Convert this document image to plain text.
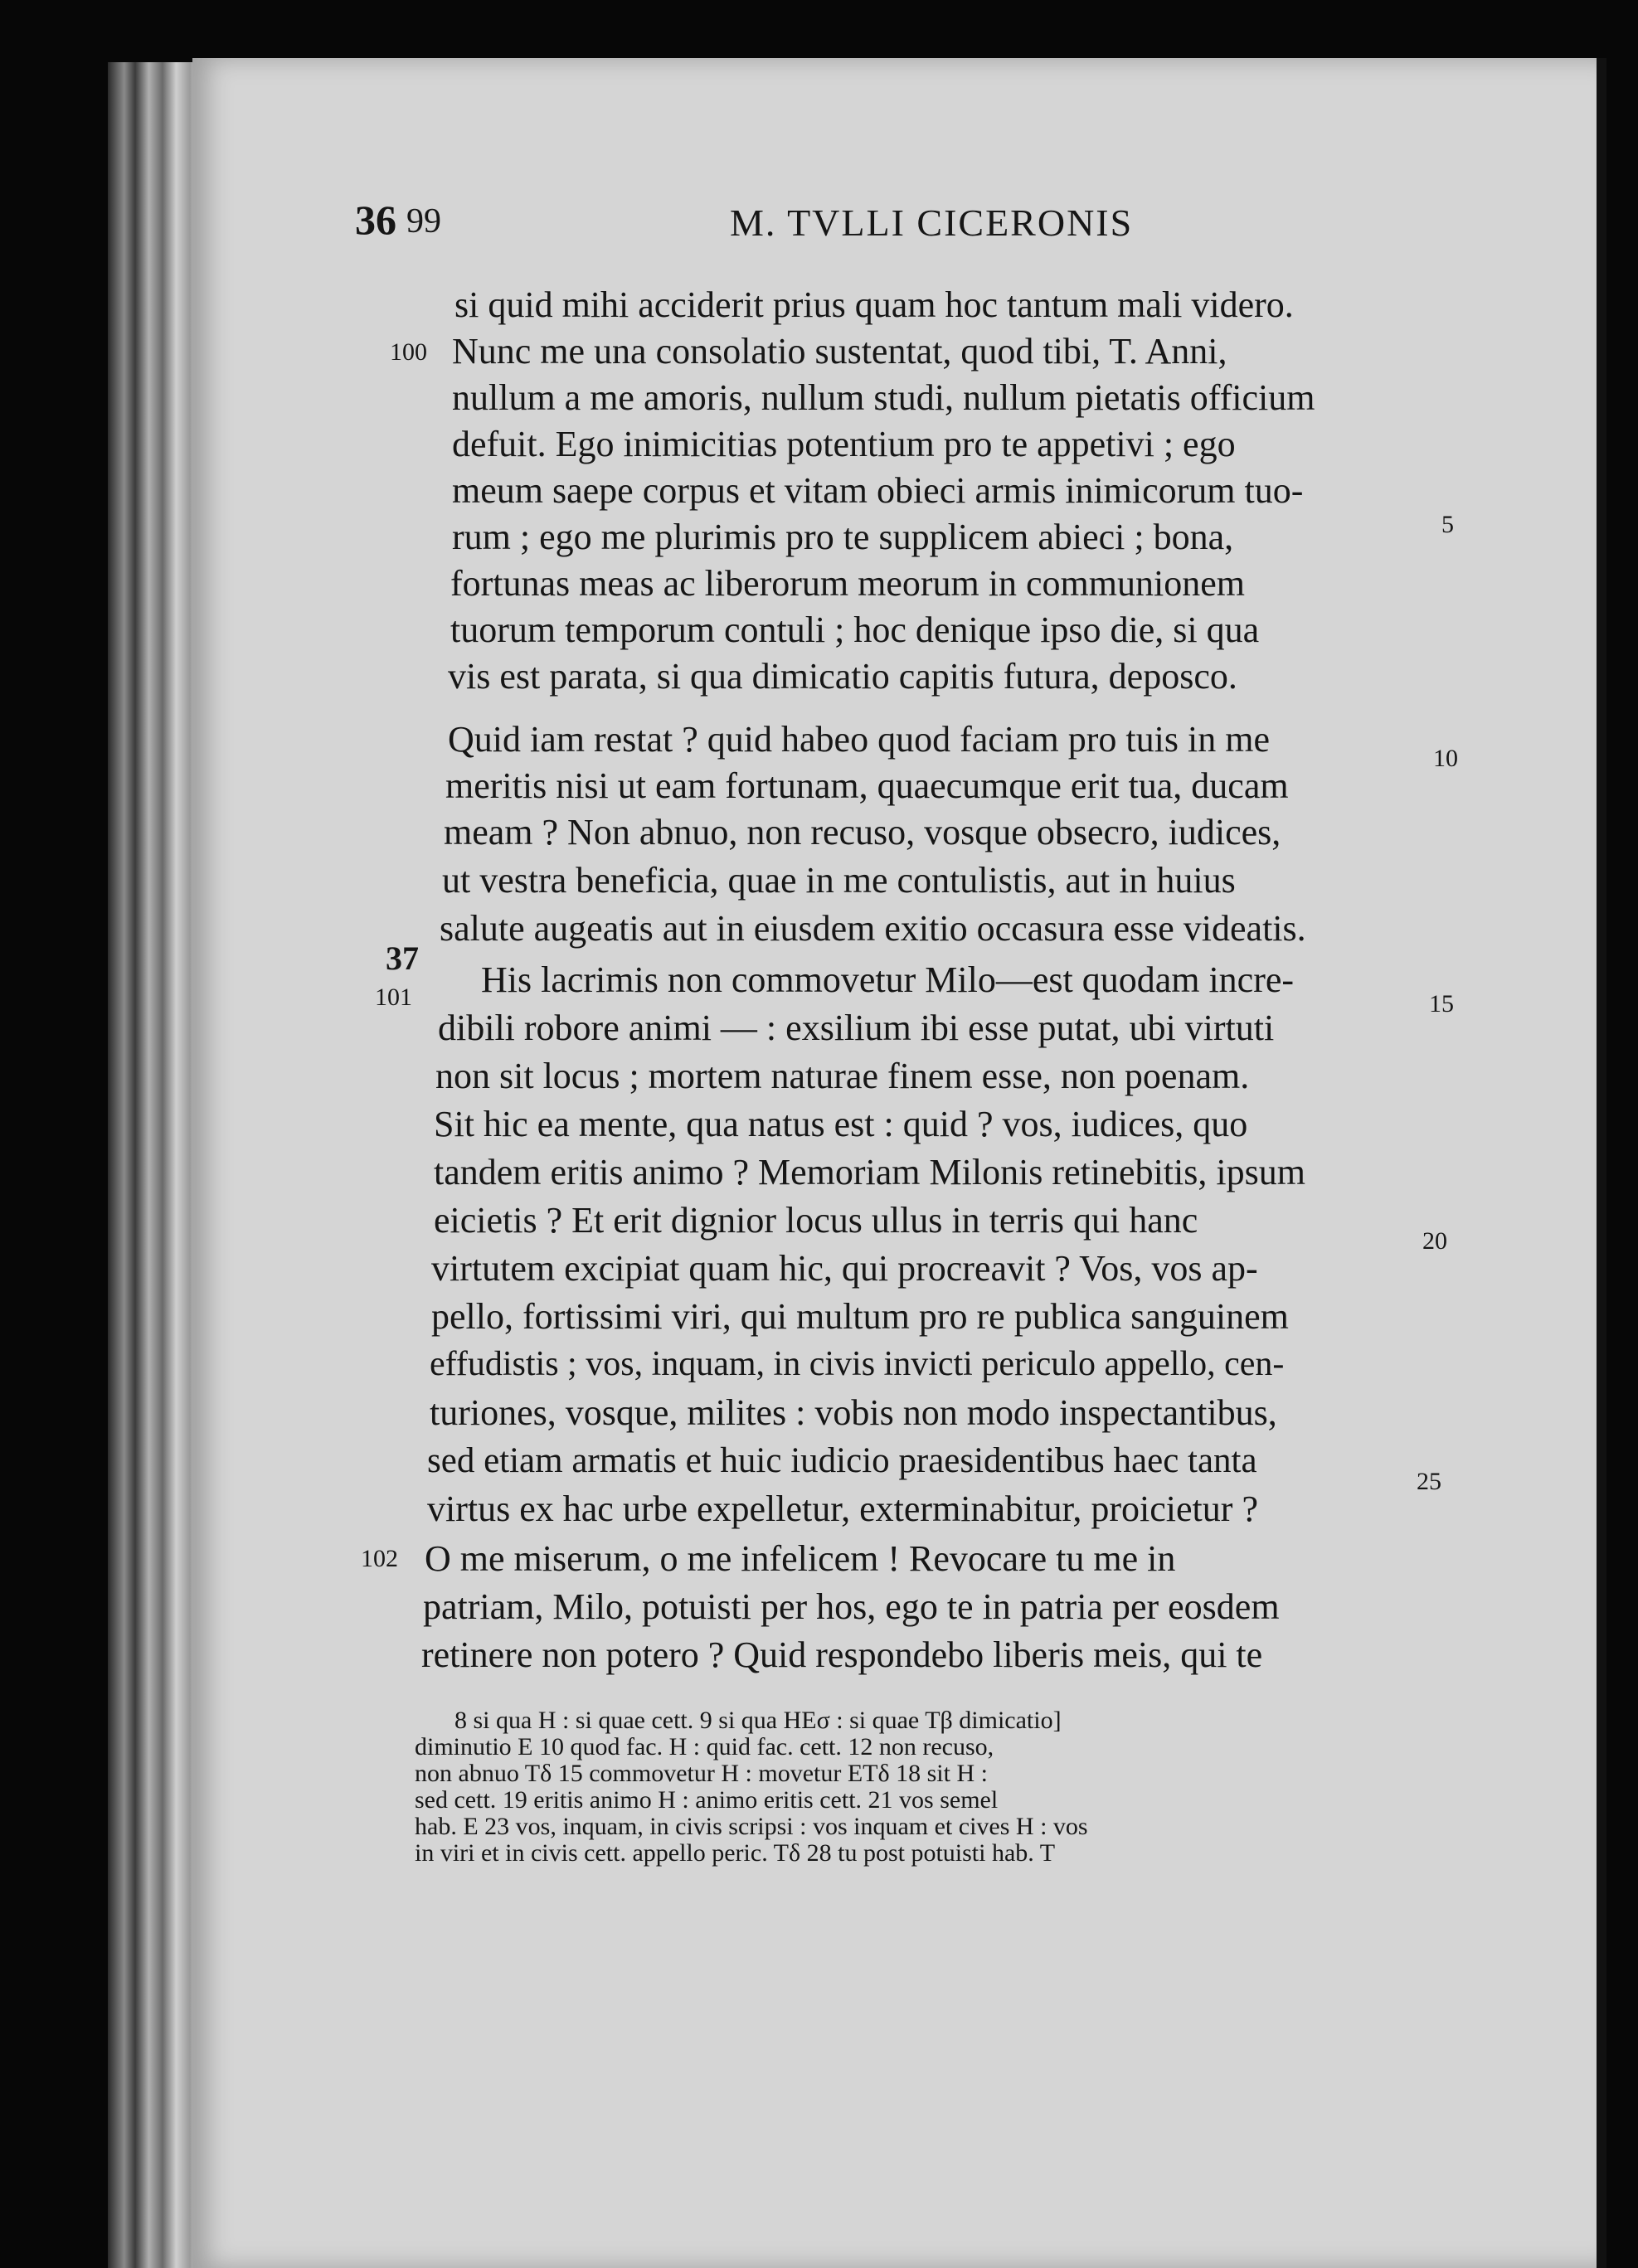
36 99	M. TVLLI CICERONIS
si quid mihi acciderit prius quam hoc tantum mali videro.
Nunc me una consolatio sustentat, quod tibi, T. Anni,
nullum a me amoris, nullum studi, nullum pietatis officium
defuit. Ego inimicitias potentium pro te appetivi ; ego
meum saepe corpus et vitam obieci armis inimicorum tuo-
rum ; ego me plurimis pro te supplicem abieci ; bona,
fortunas meas ac liberorum meorum in communionem
tuorum temporum contuli ; hoc denique ipso die, si qua
vis est parata, si qua dimicatio capitis futura, deposco.
Quid iam restat ? quid habeo quod faciam pro tuis in me
meritis nisi ut eam fortunam, quaecumque erit tua, ducam
meam ? Non abnuo, non recuso, vosque obsecro, iudices,
ut vestra beneficia, quae in me contulistis, aut in huius
salute augeatis aut in eiusdem exitio occasura esse videatis.
His lacrimis non commovetur Milo—est quodam incre-
dibili robore animi — : exsilium ibi esse putat, ubi virtuti
non sit locus ; mortem naturae finem esse, non poenam.
Sit hic ea mente, qua natus est : quid ? vos, iudices, quo
tandem eritis animo ? Memoriam Milonis retinebitis, ipsum
eicietis ? Et erit dignior locus ullus in terris qui hanc
virtutem excipiat quam hic, qui procreavit ? Vos, vos ap-
pello, fortissimi viri, qui multum pro re publica sanguinem
effudistis ; vos, inquam, in civis invicti periculo appello, cen-
turiones, vosque, milites : vobis non modo inspectantibus,
sed etiam armatis et huic iudicio praesidentibus haec tanta
virtus ex hac urbe expelletur, exterminabitur, proicietur ?
O me miserum, o me infelicem ! Revocare tu me in
patriam, Milo, potuisti per hos, ego te in patria per eosdem
retinere non potero ? Quid respondebo liberis meis, qui te
100
37
101
102
5
10
15
20
25
8 si qua H : si quae cett. 9 si qua HEσ : si quae Tβ dimicatio]
diminutio E 10 quod fac. H : quid fac. cett. 12 non recuso,
non abnuo Tδ 15 commovetur H : movetur ETδ 18 sit H :
sed cett. 19 eritis animo H : animo eritis cett. 21 vos semel
hab. E 23 vos, inquam, in civis scripsi : vos inquam et cives H : vos
in viri et in civis cett. appello peric. Tδ 28 tu post potuisti hab. T
